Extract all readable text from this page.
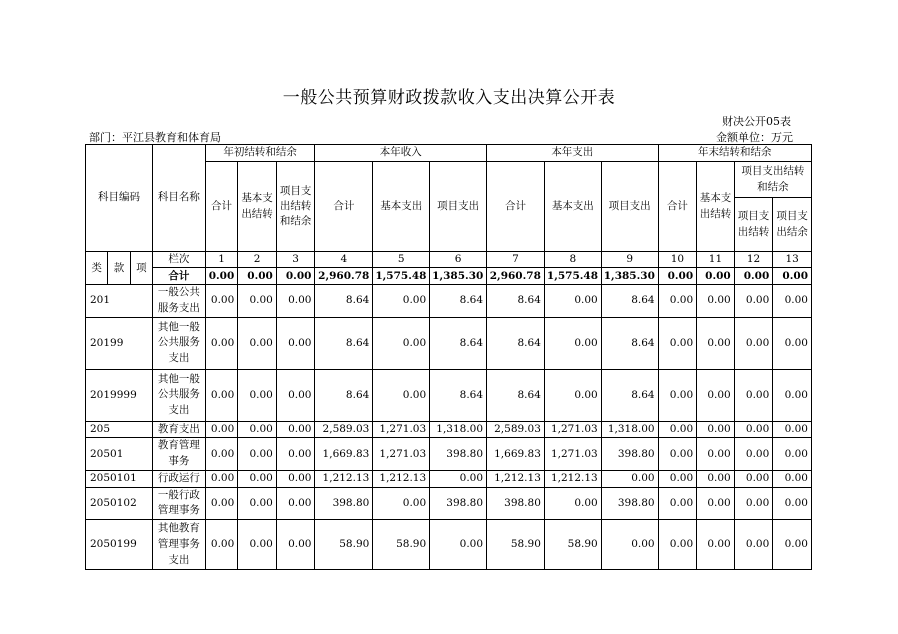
一般公共预算财政拨款收入支出决算公开表
财决公开05表
部门：平江县教育和体育局	金额单位：万元
科目编码			科目名称	年初结转和结余			本年收入			本年支出			年末结转和结余			
				合计	基本支出结转	项目支出结转和结余	合计	基本支出	项目支出	合计	基本支出	项目支出	合计	基本支出结转	项目支出结转和结余	

															项目支出结转	项目支出结余

类	款	项	栏次	1	2	3	4	5	6	7	8	9	10	11	12	13
			合计	0.00	0.00	0.00	2,960.78	1,575.48	1,385.30	2,960.78	1,575.48	1,385.30	0.00	0.00	0.00	0.00
201			一般公共服务支出	0.00	0.00	0.00	8.64	0.00	8.64	8.64	0.00	8.64	0.00	0.00	0.00	0.00
20199			其他一般公共服务支出	0.00	0.00	0.00	8.64	0.00	8.64	8.64	0.00	8.64	0.00	0.00	0.00	0.00
2019999			其他一般公共服务支出	0.00	0.00	0.00	8.64	0.00	8.64	8.64	0.00	8.64	0.00	0.00	0.00	0.00
205			教育支出	0.00	0.00	0.00	2,589.03	1,271.03	1,318.00	2,589.03	1,271.03	1,318.00	0.00	0.00	0.00	0.00
20501			教育管理事务	0.00	0.00	0.00	1,669.83	1,271.03	398.80	1,669.83	1,271.03	398.80	0.00	0.00	0.00	0.00
2050101			行政运行	0.00	0.00	0.00	1,212.13	1,212.13	0.00	1,212.13	1,212.13	0.00	0.00	0.00	0.00	0.00
2050102			一般行政管理事务	0.00	0.00	0.00	398.80	0.00	398.80	398.80	0.00	398.80	0.00	0.00	0.00	0.00
2050199			其他教育管理事务支出	0.00	0.00	0.00	58.90	58.90	0.00	58.90	58.90	0.00	0.00	0.00	0.00	0.00
